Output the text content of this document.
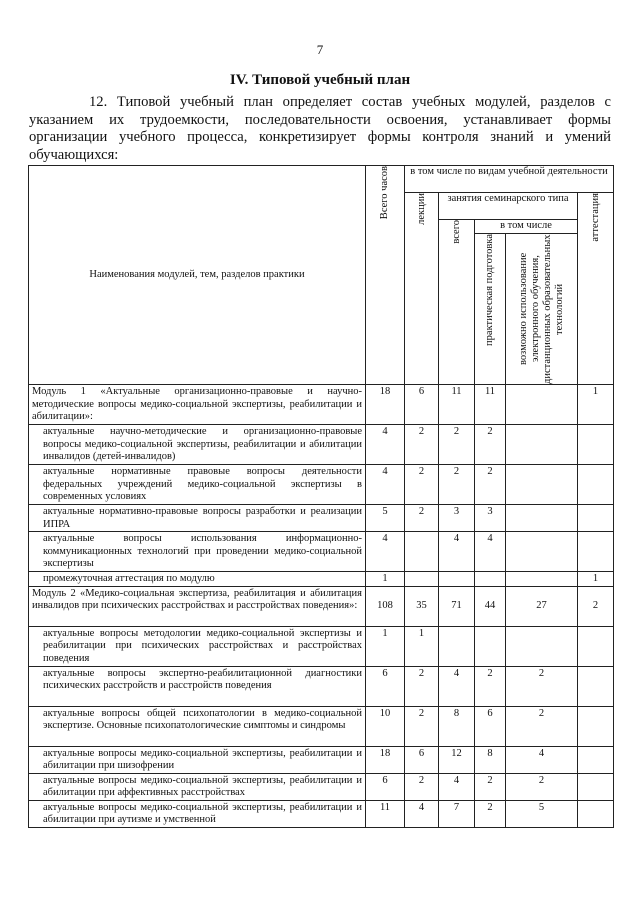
7
IV. Типовой учебный план
12. Типовой учебный план определяет состав учебных модулей, разделов с указанием их трудоемкости, последовательности освоения, устанавливает формы организации учебного процесса, конкретизирует формы контроля знаний и умений обучающихся:
Наименования модулей, тем, разделов практики	Всего часов	в том числе по видам учебной деятельности				

		лекции	занятия семинарского типа			аттестация

			всего	в том числе		

				практическая подготовка	возможно использование электронного обучения, дистанционных образовательных технологий	

Модуль 1 «Актуальные организационно-правовые и научно-методические вопросы медико-социальной экспертизы, реабилитации и абилитации»:	18	6	11	11		1
актуальные научно-методические и организационно-правовые вопросы медико-социальной экспертизы, реабилитации и абилитации инвалидов (детей-инвалидов)	4	2	2	2		
актуальные нормативные правовые вопросы деятельности федеральных учреждений медико-социальной экспертизы в современных условиях	4	2	2	2		
актуальные нормативно-правовые вопросы разработки и реализации ИПРА	5	2	3	3		
актуальные вопросы использования информационно-коммуникационных технологий при проведении медико-социальной экспертизы	4		4	4		
промежуточная аттестация по модулю	1					1
Модуль 2 «Медико-социальная экспертиза, реабилитация и абилитация инвалидов при психических расстройствах и расстройствах поведения»:	108	35	71	44	27	2
актуальные вопросы методологии медико-социальной экспертизы и реабилитации при психических расстройствах и расстройствах поведения	1	1				
актуальные вопросы экспертно-реабилитационной диагностики психических расстройств и расстройств поведения	6	2	4	2	2	
актуальные вопросы общей психопатологии в медико-социальной экспертизе. Основные психопатологические симптомы и синдромы	10	2	8	6	2	
актуальные вопросы медико-социальной экспертизы, реабилитации и абилитации при шизофрении	18	6	12	8	4	
актуальные вопросы медико-социальной экспертизы, реабилитации и абилитации при аффективных расстройствах	6	2	4	2	2	
актуальные вопросы медико-социальной экспертизы, реабилитации и абилитации при аутизме и умственной	11	4	7	2	5	
